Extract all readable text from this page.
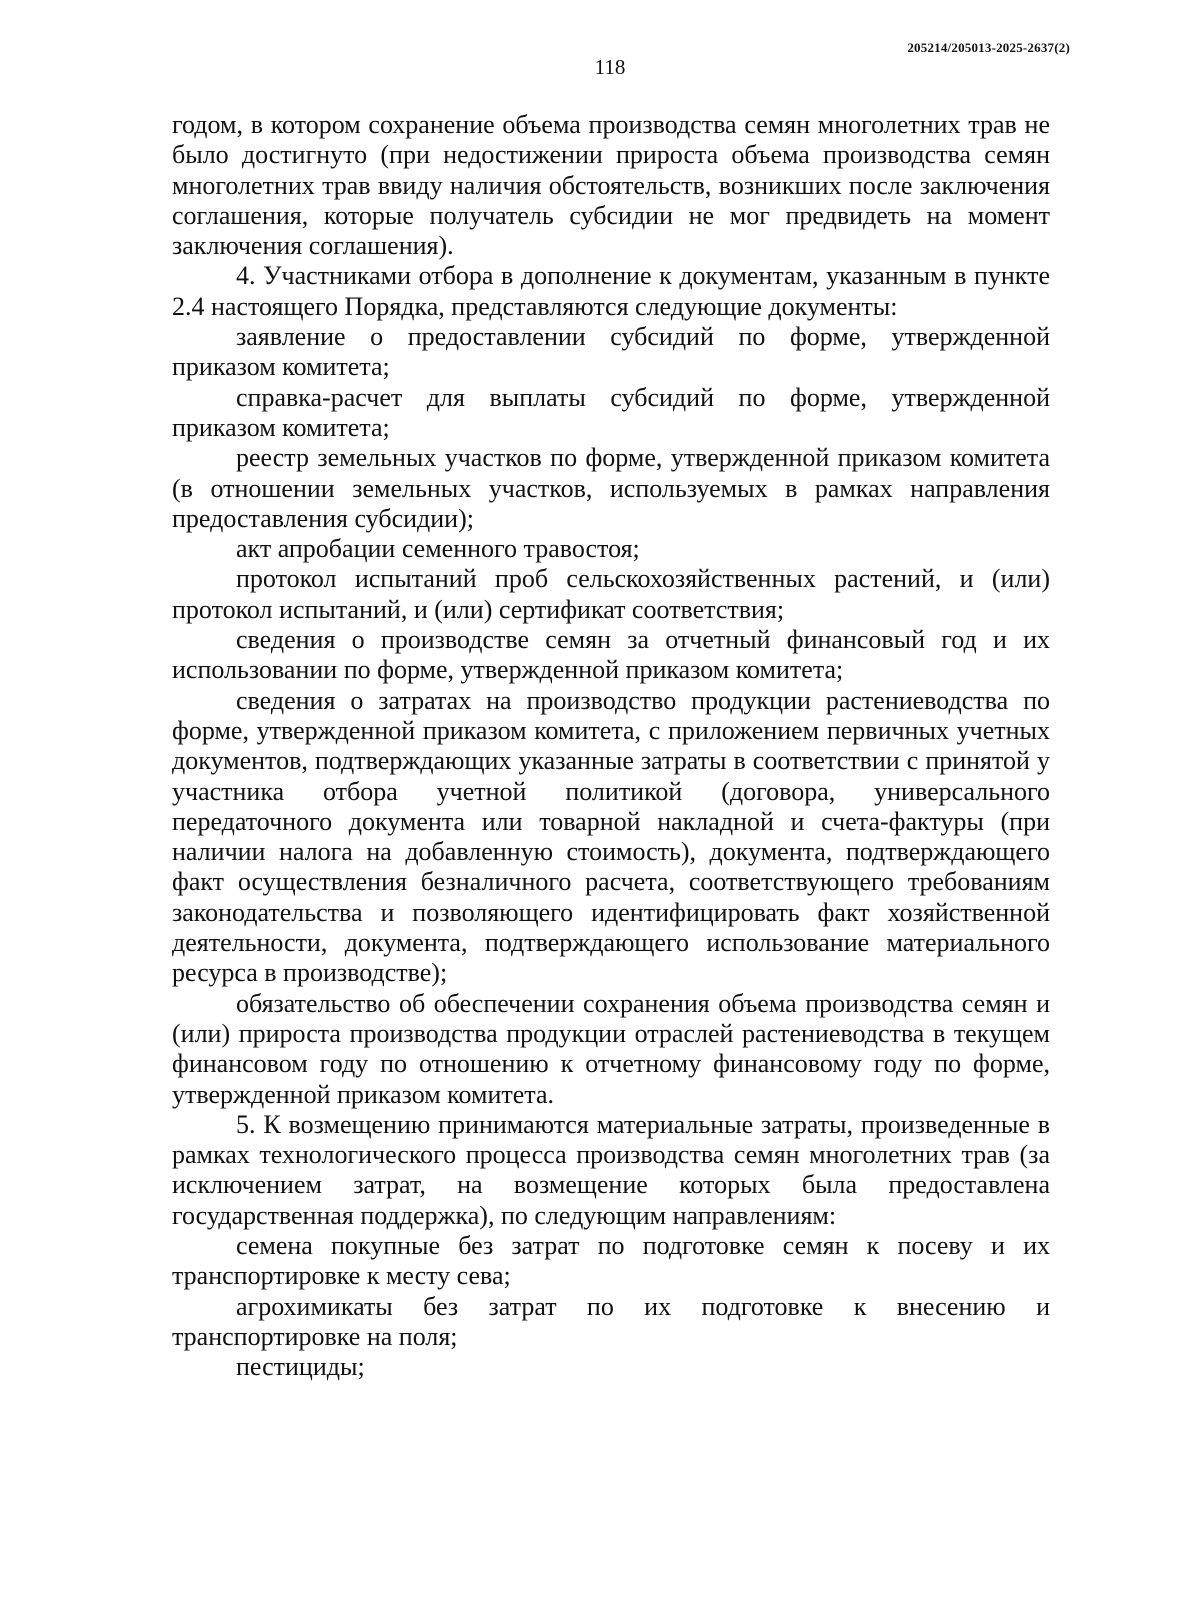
205214/205013-2025-2637(2)
118

годом, в котором сохранение объема производства семян многолетних трав не было достигнуто (при недостижении прироста объема производства семян многолетних трав ввиду наличия обстоятельств, возникших после заключения соглашения, которые получатель субсидии не мог предвидеть на момент заключения соглашения).

4. Участниками отбора в дополнение к документам, указанным в пункте 2.4 настоящего Порядка, представляются следующие документы:

заявление о предоставлении субсидий по форме, утвержденной приказом комитета;

справка-расчет для выплаты субсидий по форме, утвержденной приказом комитета;

реестр земельных участков по форме, утвержденной приказом комитета (в отношении земельных участков, используемых в рамках направления предоставления субсидии);

акт апробации семенного травостоя;

протокол испытаний проб сельскохозяйственных растений, и (или) протокол испытаний, и (или) сертификат соответствия;

сведения о производстве семян за отчетный финансовый год и их использовании по форме, утвержденной приказом комитета;

сведения о затратах на производство продукции растениеводства по форме, утвержденной приказом комитета, с приложением первичных учетных документов, подтверждающих указанные затраты в соответствии с принятой у участника отбора учетной политикой (договора, универсального передаточного документа или товарной накладной и счета-фактуры (при наличии налога на добавленную стоимость), документа, подтверждающего факт осуществления безналичного расчета, соответствующего требованиям законодательства и позволяющего идентифицировать факт хозяйственной деятельности, документа, подтверждающего использование материального ресурса в производстве);

обязательство об обеспечении сохранения объема производства семян и (или) прироста производства продукции отраслей растениеводства в текущем финансовом году по отношению к отчетному финансовому году по форме, утвержденной приказом комитета.

5. К возмещению принимаются материальные затраты, произведенные в рамках технологического процесса производства семян многолетних трав (за исключением затрат, на возмещение которых была предоставлена государственная поддержка), по следующим направлениям:

семена покупные без затрат по подготовке семян к посеву и их транспортировке к месту сева;

агрохимикаты без затрат по их подготовке к внесению и транспортировке на поля;

пестициды;
